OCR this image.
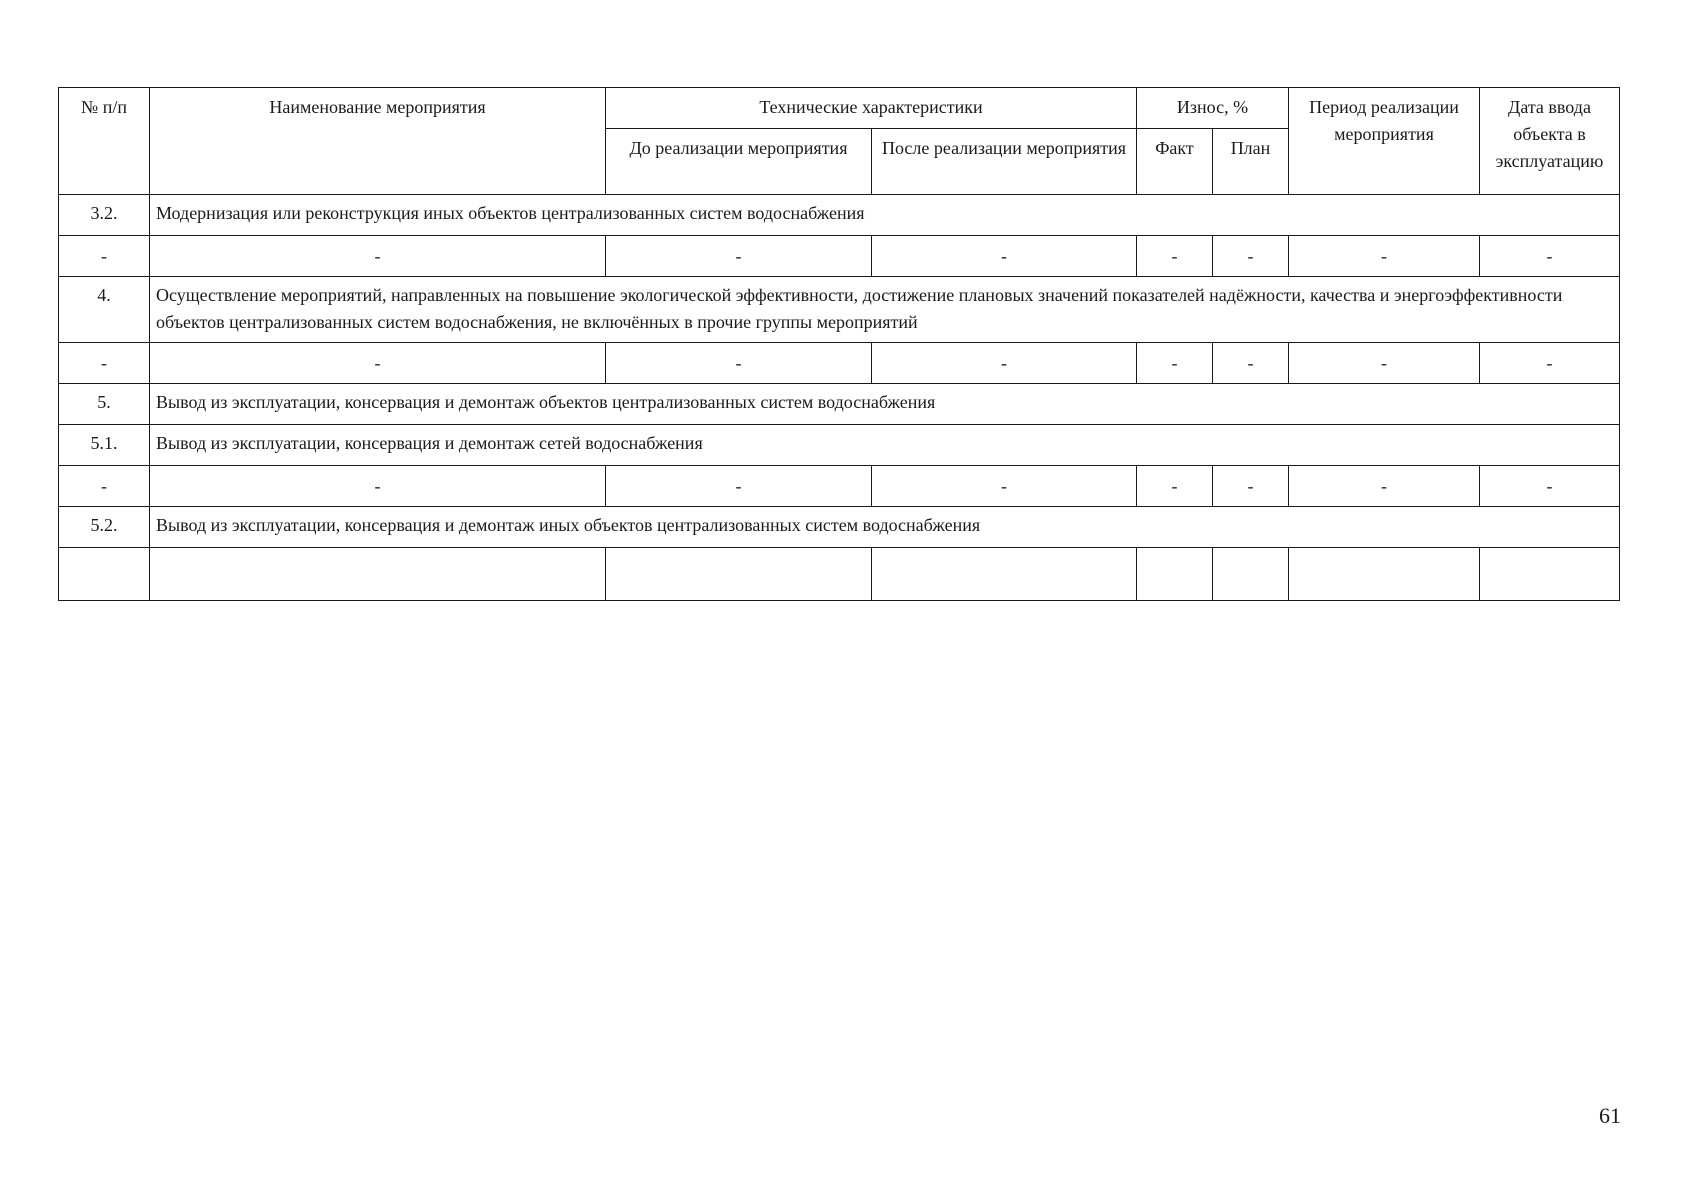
№ п/п	Наименование мероприятия	Технические характеристики		Износ, %		Период реализации мероприятия	Дата ввода объекта в эксплуатацию
		До реализации мероприятия	После реализации мероприятия	Факт	План		
3.2.	Модернизация или реконструкция иных объектов централизованных систем водоснабжения						
-	-	-	-	-	-	-	-
4.	Осуществление мероприятий, направленных на повышение экологической эффективности, достижение плановых значений показателей надёжности, качества и энергоэффективности объектов централизованных систем водоснабжения, не включённых в прочие группы мероприятий						
-	-	-	-	-	-	-	-
5.	Вывод из эксплуатации, консервация и демонтаж объектов централизованных систем водоснабжения						
5.1.	Вывод из эксплуатации, консервация и демонтаж сетей водоснабжения						
-	-	-	-	-	-	-	-
5.2.	Вывод из эксплуатации, консервация и демонтаж иных объектов централизованных систем водоснабжения						

61
